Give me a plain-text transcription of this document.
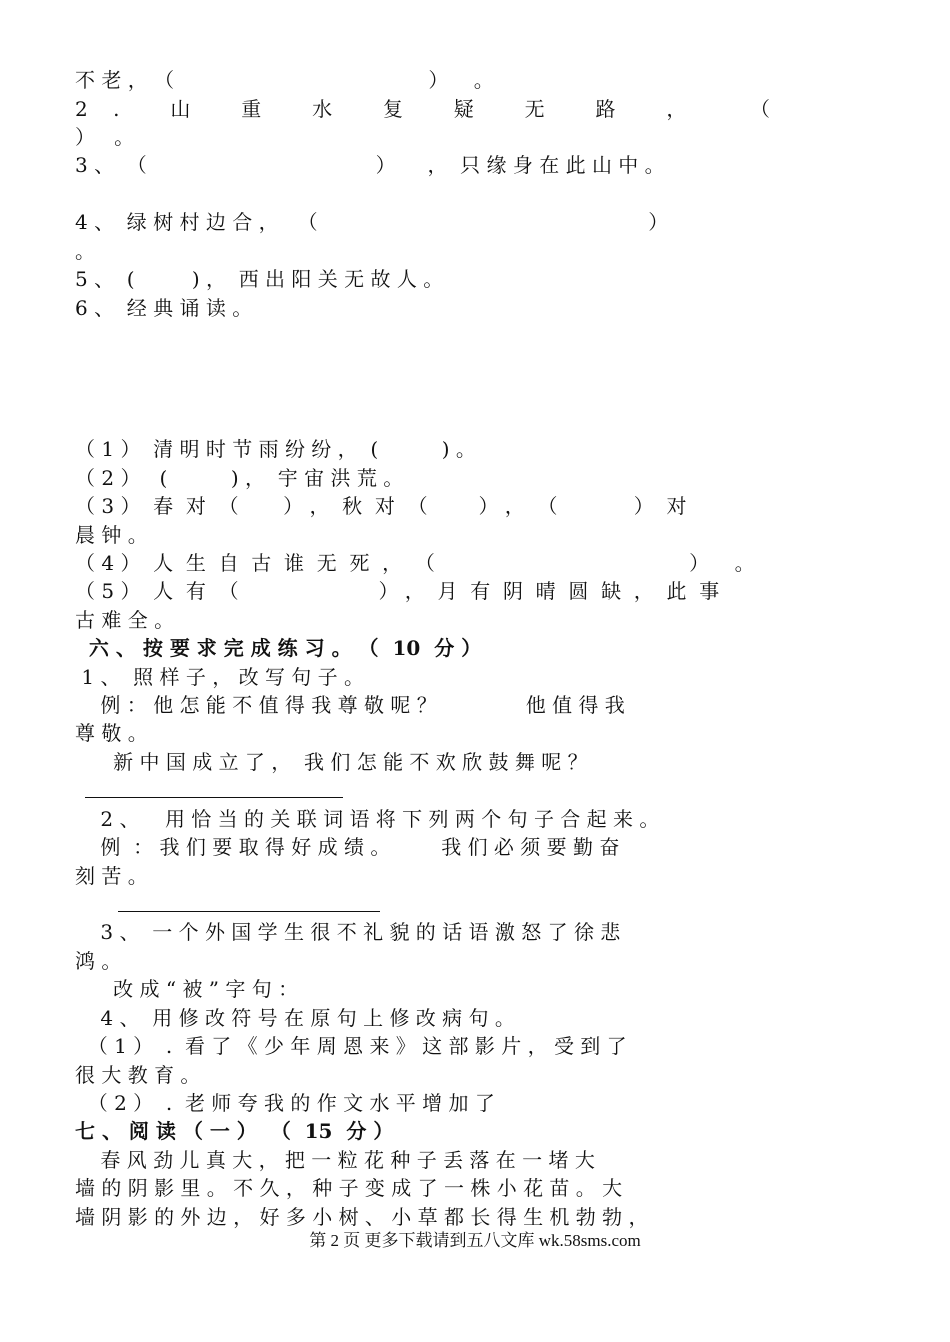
不 老 ， （                                        ）    。
2    .        山        重        水        复        疑        无        路        ，          （
）   。
3 、  （                                    ）     ，  只 缘 身 在 此 山 中 。
4 、  绿 树 村 边 合 ，   （                                                    ）
。
5 、  (         ) ，  西 出 阳 关 无 故 人 。
6 、  经 典 诵 读 。
（ 1 ）  清 明 时 节 雨 纷 纷 ，  (          ) 。
（ 2 ）   (          ) ，  宇 宙 洪 荒 。
（ 3 ）  春  对  （       ） ，  秋  对  （        ） ，  （            ）  对
晨 钟 。
（ 4 ）  人  生  自  古  谁  无  死  ，  （                                        ）    。
（ 5 ）  人  有  （                      ） ，  月  有  阴  晴  圆  缺  ，  此  事
古 难 全 。
六 、 按 要 求 完 成 练 习 。 （  10  分 ）
1 、  照 样 子 ， 改 写 句 子 。
例 ： 他 怎 能 不 值 得 我 尊 敬 呢 ？              他 值 得 我
尊 敬 。
新 中 国 成 立 了 ，  我 们 怎 能 不 欢 欣 鼓 舞 呢 ？
2 、    用 恰 当 的 关 联 词 语 将 下 列 两 个 句 子 合 起 来 。
例  ： 我 们 要 取 得 好 成 绩 。        我 们 必 须 要 勤 奋
刻 苦 。
3 、  一 个 外 国 学 生 很 不 礼 貌 的 话 语 激 怒 了 徐 悲
鸿 。
改 成 “ 被 ” 字 句 ：
4 、  用 修 改 符 号 在 原 句 上 修 改 病 句 。
（ 1 ）  .  看 了 《 少 年 周 恩 来 》 这 部 影 片 ， 受 到 了
很 大 教 育 。
（ 2 ）  .  老 师 夸 我 的 作 文 水 平 增 加 了
七 、 阅 读 （ 一 ）  （  15  分 ）
春 风 劲 儿 真 大 ， 把 一 粒 花 种 子 丢 落 在 一 堵 大
墙 的 阴 影 里 。 不 久 ， 种 子 变 成 了 一 株 小 花 苗 。 大
墙 阴 影 的 外 边 ， 好 多 小 树 、 小 草 都 长 得 生 机 勃 勃 ，
第 2 页 更多下载请到五八文库 wk.58sms.com
